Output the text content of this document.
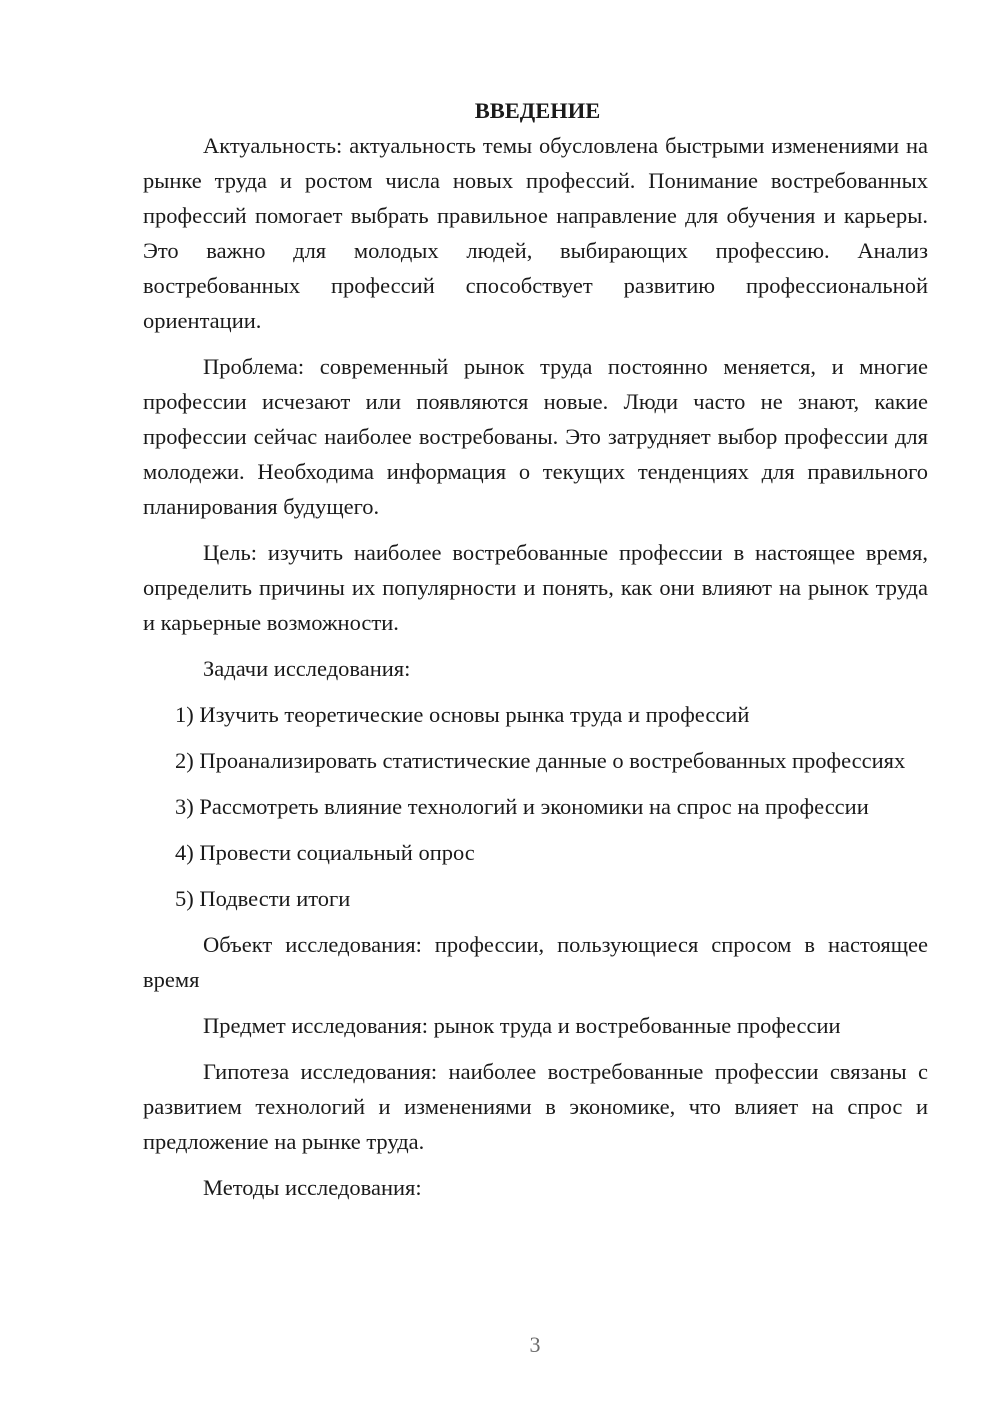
ВВЕДЕНИЕ

Актуальность: актуальность темы обусловлена быстрыми изменениями на рынке труда и ростом числа новых профессий. Понимание востребованных профессий помогает выбрать правильное направление для обучения и карьеры. Это важно для молодых людей, выбирающих профессию. Анализ востребованных профессий способствует развитию профессиональной ориентации.

Проблема: современный рынок труда постоянно меняется, и многие профессии исчезают или появляются новые. Люди часто не знают, какие профессии сейчас наиболее востребованы. Это затрудняет выбор профессии для молодежи. Необходима информация о текущих тенденциях для правильного планирования будущего.

Цель: изучить наиболее востребованные профессии в настоящее время, определить причины их популярности и понять, как они влияют на рынок труда и карьерные возможности.

Задачи исследования:

1) Изучить теоретические основы рынка труда и профессий

2) Проанализировать статистические данные о востребованных профессиях

3) Рассмотреть влияние технологий и экономики на спрос на профессии

4) Провести социальный опрос

5) Подвести итоги

Объект исследования: профессии, пользующиеся спросом в настоящее время

Предмет исследования: рынок труда и востребованные профессии

Гипотеза исследования: наиболее востребованные профессии связаны с развитием технологий и изменениями в экономике, что влияет на спрос и предложение на рынке труда.

Методы исследования:

3
